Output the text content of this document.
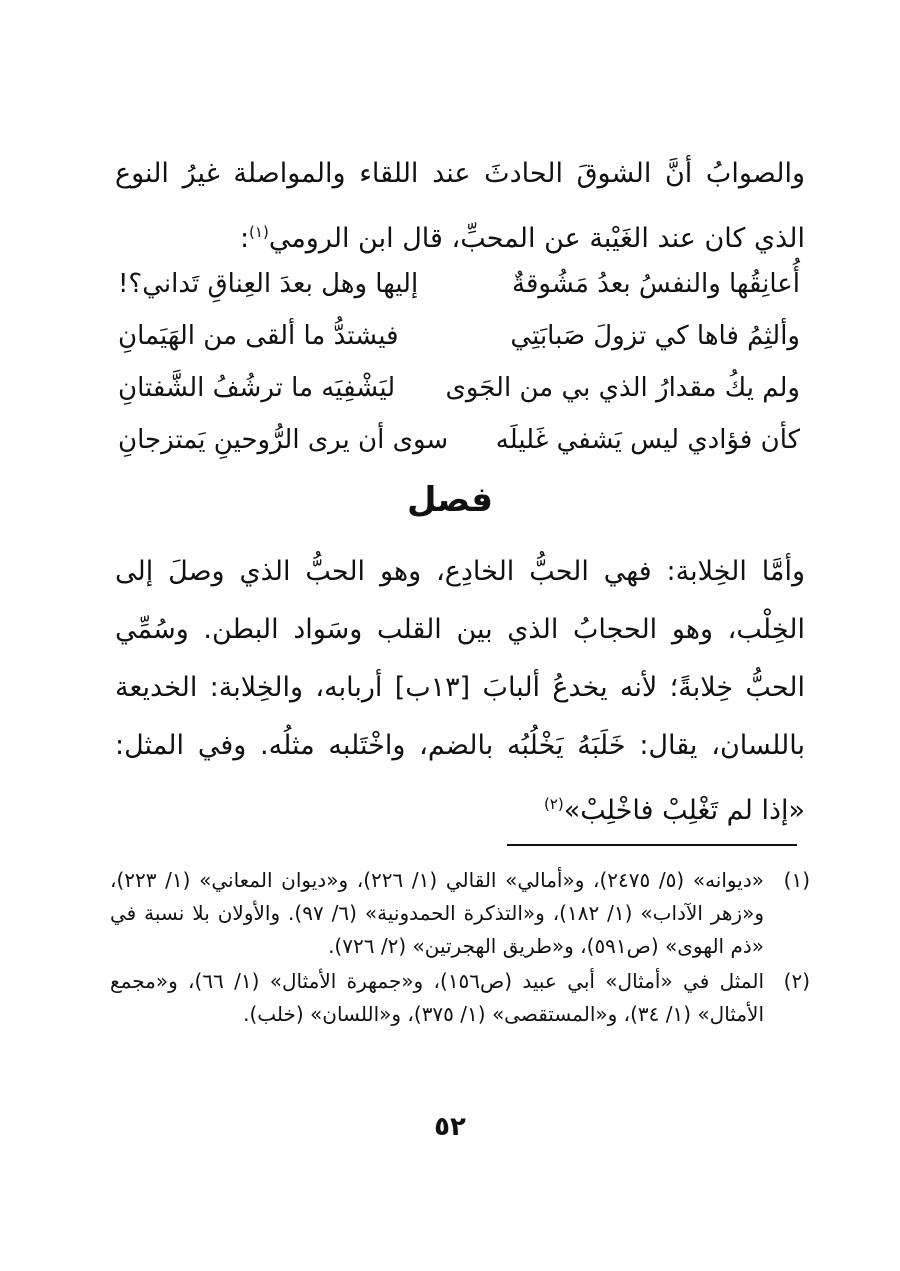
والصوابُ أنَّ الشوقَ الحادثَ عند اللقاء والمواصلة غيرُ النوع الذي كان عند الغَيْبة عن المحبِّ، قال ابن الرومي$^{(١)}$:

أُعانِقُها والنفسُ بعدُ مَشُوقةٌ
إليها وهل بعدَ العِناقِ تَداني؟!
وألثِمُ فاها كي تزولَ صَبابَتِي
فيشتدُّ ما ألقى من الهَيَمانِ
ولم يكُ مقدارُ الذي بي من الجَوى
ليَشْفِيَه ما ترشُفُ الشَّفتانِ
كأن فؤادي ليس يَشفي غَليلَه
سوى أن يرى الرُّوحينِ يَمتزجانِ
فصل

وأمَّا الخِلابة: فهي الحبُّ الخادِع، وهو الحبُّ الذي وصلَ إلى الخِلْب، وهو الحجابُ الذي بين القلب وسَواد البطن. وسُمِّي الحبُّ خِلابةً؛ لأنه يخدعُ ألبابَ [١٣ب] أربابه، والخِلابة: الخديعة باللسان، يقال: خَلَبَهُ يَخْلُبُه بالضم، واخْتَلبه مثلُه. وفي المثل: «إذا لم تَغْلِبْ فاخْلِبْ»$^{(٢)}$

(١)
«ديوانه» (٥/ ٢٤٧٥)، و«أمالي» القالي (١/ ٢٢٦)، و«ديوان المعاني» (١/ ٢٢٣)، و«زهر الآداب» (١/ ١٨٢)، و«التذكرة الحمدونية» (٦/ ٩٧). والأولان بلا نسبة في «ذم الهوى» (ص٥٩١)، و«طريق الهجرتين» (٢/ ٧٢٦).
(٢)
المثل في «أمثال» أبي عبيد (ص١٥٦)، و«جمهرة الأمثال» (١/ ٦٦)، و«مجمع الأمثال» (١/ ٣٤)، و«المستقصى» (١/ ٣٧٥)، و«اللسان» (خلب).
٥٢
